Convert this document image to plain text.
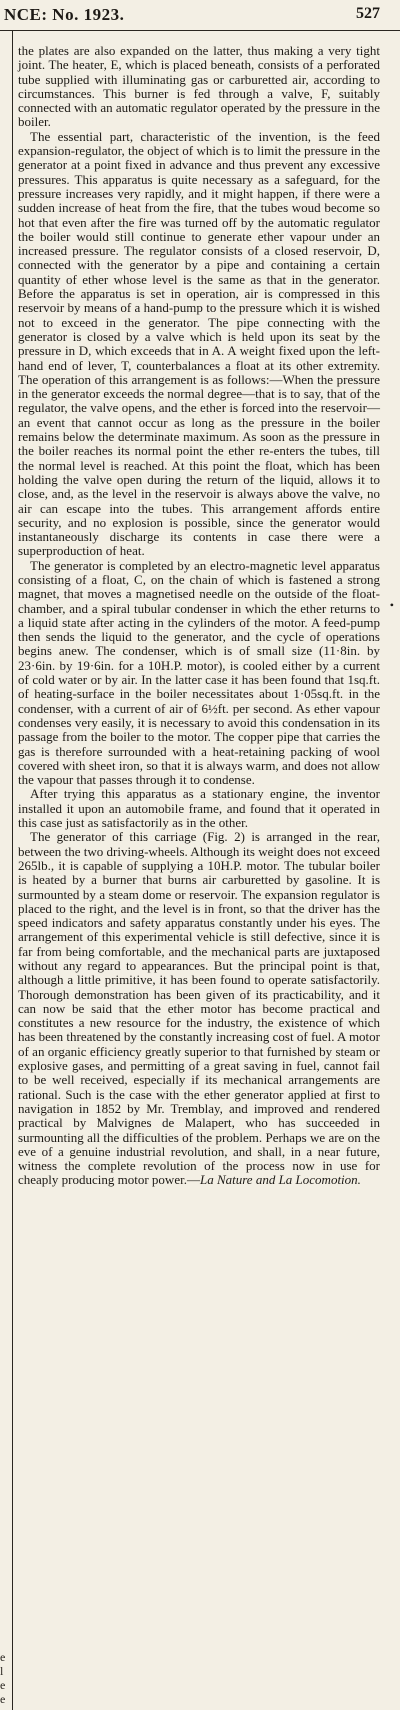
NCE: No. 1923.	527

the plates are also expanded on the latter, thus making a very tight joint. The heater, E, which is placed beneath, consists of a perforated tube supplied with illuminating gas or carburetted air, according to circumstances. This burner is fed through a valve, F, suitably connected with an automatic regulator operated by the pressure in the boiler.

The essential part, characteristic of the invention, is the feed expansion-regulator, the object of which is to limit the pressure in the generator at a point fixed in advance and thus prevent any excessive pressures. This apparatus is quite necessary as a safeguard, for the pressure increases very rapidly, and it might happen, if there were a sudden increase of heat from the fire, that the tubes woud become so hot that even after the fire was turned off by the automatic regulator the boiler would still continue to generate ether vapour under an increased pressure. The regulator consists of a closed reservoir, D, connected with the generator by a pipe and containing a certain quantity of ether whose level is the same as that in the generator. Before the apparatus is set in operation, air is compressed in this reservoir by means of a hand-pump to the pressure which it is wished not to exceed in the generator. The pipe connecting with the generator is closed by a valve which is held upon its seat by the pressure in D, which exceeds that in A. A weight fixed upon the left-hand end of lever, T, counterbalances a float at its other extremity. The operation of this arrangement is as follows:—When the pressure in the generator exceeds the normal degree—that is to say, that of the regulator, the valve opens, and the ether is forced into the reservoir—an event that cannot occur as long as the pressure in the boiler remains below the determinate maximum. As soon as the pressure in the boiler reaches its normal point the ether re-enters the tubes, till the normal level is reached. At this point the float, which has been holding the valve open during the return of the liquid, allows it to close, and, as the level in the reservoir is always above the valve, no air can escape into the tubes. This arrangement affords entire security, and no explosion is possible, since the generator would instantaneously discharge its contents in case there were a superproduction of heat.

The generator is completed by an electro-magnetic level apparatus consisting of a float, C, on the chain of which is fastened a strong magnet, that moves a magnetised needle on the outside of the float-chamber, and a spiral tubular condenser in which the ether returns to a liquid state after acting in the cylinders of the motor. A feed-pump then sends the liquid to the generator, and the cycle of operations begins anew. The condenser, which is of small size (11·8in. by 23·6in. by 19·6in. for a 10H.P. motor), is cooled either by a current of cold water or by air. In the latter case it has been found that 1sq.ft. of heating-surface in the boiler necessitates about 1·05sq.ft. in the condenser, with a current of air of 6½ft. per second. As ether vapour condenses very easily, it is necessary to avoid this condensation in its passage from the boiler to the motor. The copper pipe that carries the gas is therefore surrounded with a heat-retaining packing of wool covered with sheet iron, so that it is always warm, and does not allow the vapour that passes through it to condense.

After trying this apparatus as a stationary engine, the inventor installed it upon an automobile frame, and found that it operated in this case just as satisfactorily as in the other.

The generator of this carriage (Fig. 2) is arranged in the rear, between the two driving-wheels. Although its weight does not exceed 265lb., it is capable of supplying a 10H.P. motor. The tubular boiler is heated by a burner that burns air carburetted by gasoline. It is surmounted by a steam dome or reservoir. The expansion regulator is placed to the right, and the level is in front, so that the driver has the speed indicators and safety apparatus constantly under his eyes. The arrangement of this experimental vehicle is still defective, since it is far from being comfortable, and the mechanical parts are juxtaposed without any regard to appearances. But the principal point is that, although a little primitive, it has been found to operate satisfactorily. Thorough demonstration has been given of its practicability, and it can now be said that the ether motor has become practical and constitutes a new resource for the industry, the existence of which has been threatened by the constantly increasing cost of fuel. A motor of an organic efficiency greatly superior to that furnished by steam or explosive gases, and permitting of a great saving in fuel, cannot fail to be well received, especially if its mechanical arrangements are rational. Such is the case with the ether generator applied at first to navigation in 1852 by Mr. Tremblay, and improved and rendered practical by Malvignes de Malapert, who has succeeded in surmounting all the difficulties of the problem. Perhaps we are on the eve of a genuine industrial revolution, and shall, in a near future, witness the complete revolution of the process now in use for cheaply producing motor power.—La Nature and La Locomotion.

•
e
l
e
e
